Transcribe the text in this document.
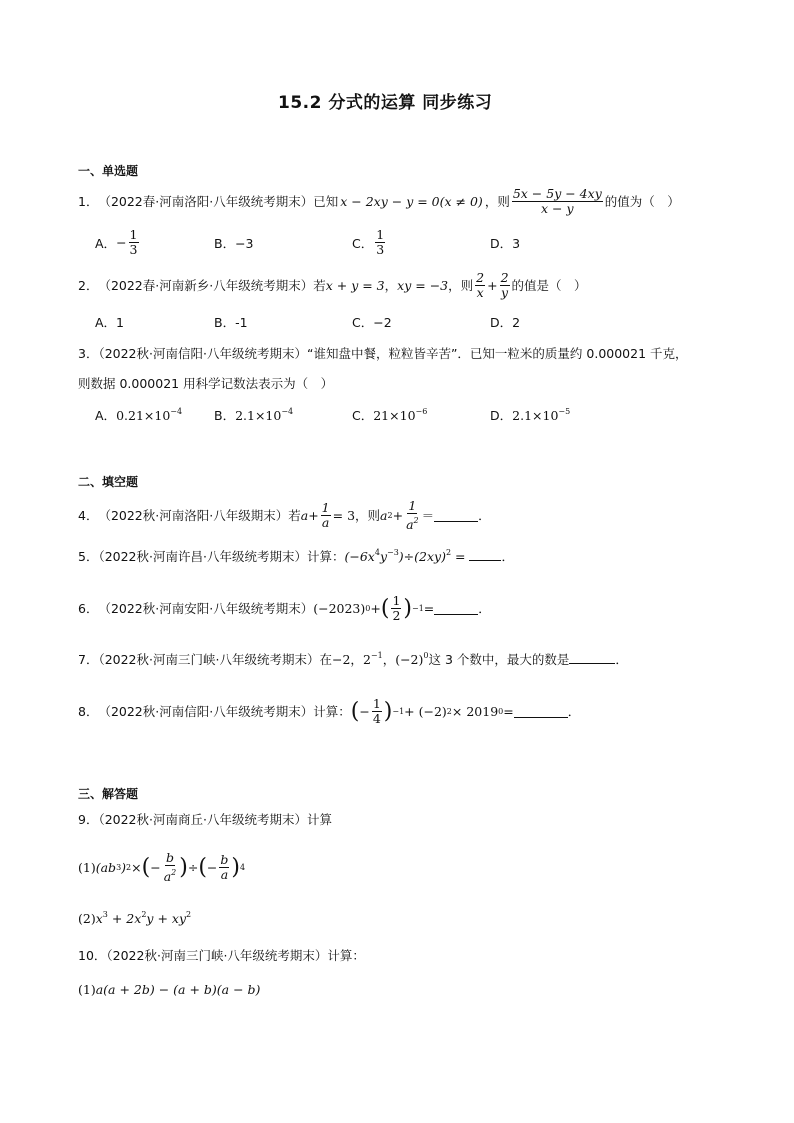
15.2 分式的运算 同步练习
一、单选题
1． （2022春·河南洛阳·八年级统考期末） 已知 x − 2xy − y = 0(x ≠ 0) ，则 $\frac{5x - 5y - 4xy}{x - y}$ 的值为（　）
A． − $\frac{1}{3}$	B．−3	C． $\frac{1}{3}$	D．3
2． （2022春·河南新乡·八年级统考期末） 若 x + y = 3 ， xy = −3 ，则 $\frac{2}{x} + \frac{2}{y}$ 的值是（　）
A．1	B．-1	C．−2	D．2
3．（2022秋·河南信阳·八年级统考期末）“谁知盘中餐，粒粒皆辛苦”．已知一粒米的质量约 0.000021 千克，
则数据 0.000021 用科学记数法表示为（　）
A．$0.21\times 10^{-4}$	B．$2.1\times 10^{-4}$	C．$21\times 10^{-6}$	D．$2.1\times 10^{-5}$
二、填空题
4． （2022秋·河南洛阳·八年级期末） 若 $a + \frac{1}{a} = 3$ ，则 a $2 + \frac{1}{a^2}$ ＝	．
5．（2022秋·河南许昌·八年级统考期末）计算：$(-6x^4y^{-3})\div(2xy)^2$ =	．
6． （2022秋·河南安阳·八年级统考期末） (−2023) 0 + ( $\frac{1}{2}$ ) −1 =	．
7．（2022秋·河南三门峡·八年级统考期末）在−2，$2^{-1}$，$(-2)^0$这 3 个数中，最大的数是	．
8． （2022秋·河南信阳·八年级统考期末） 计算： ( − $\frac{1}{4}$ ) −1 + (−2) 2 × 2019 0 =	．
三、解答题
9．（2022秋·河南商丘·八年级统考期末）计算
(1) (ab 3 ) 2 × ( − $\frac{b}{a^2}$ ) ÷ ( − $\frac{b}{a}$ ) 4
$(2)x^3 + 2x^2y + xy^2$
10．（2022秋·河南三门峡·八年级统考期末）计算：
(1)a(a + 2b) − (a + b)(a − b)
